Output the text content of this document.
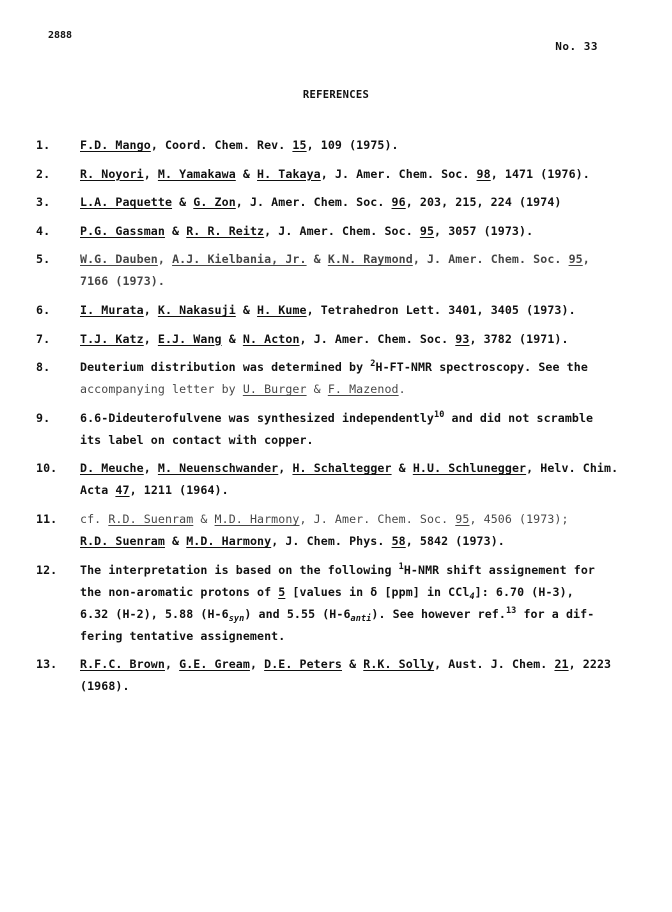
2888
No. 33
REFERENCES
1.	F.D. Mango, Coord. Chem. Rev. 15, 109 (1975).
2.	R. Noyori, M. Yamakawa & H. Takaya, J. Amer. Chem. Soc. 98, 1471 (1976).
3.	L.A. Paquette & G. Zon, J. Amer. Chem. Soc. 96, 203, 215, 224 (1974)
4.	P.G. Gassman & R. R. Reitz, J. Amer. Chem. Soc. 95, 3057 (1973).
5.	W.G. Dauben, A.J. Kielbania, Jr. & K.N. Raymond, J. Amer. Chem. Soc. 95,
7166 (1973).
6.	I. Murata, K. Nakasuji & H. Kume, Tetrahedron Lett. 3401, 3405 (1973).
7.	T.J. Katz, E.J. Wang & N. Acton, J. Amer. Chem. Soc. 93, 3782 (1971).
8.	Deuterium distribution was determined by $^2$H-FT-NMR spectroscopy. See the
accompanying letter by U. Burger & F. Mazenod.
9.	6.6-Dideuterofulvene was synthesized independently$^{10}$ and did not scramble
its label on contact with copper.
10.	D. Meuche, M. Neuenschwander, H. Schaltegger & H.U. Schlunegger, Helv. Chim.
Acta 47, 1211 (1964).
11.	cf. R.D. Suenram & M.D. Harmony, J. Amer. Chem. Soc. 95, 4506 (1973);
R.D. Suenram & M.D. Harmony, J. Chem. Phys. 58, 5842 (1973).
12.	The interpretation is based on the following $^1$H-NMR shift assignement for
the non-aromatic protons of 5 [values in δ [ppm] in CCl$_4$]: 6.70 (H-3),
6.32 (H-2), 5.88 $(H-6_{syn})$ and 5.55 $(H-6_{anti})$. See however ref.$^{13}$ for a dif-
fering tentative assignement.
13.	R.F.C. Brown, G.E. Gream, D.E. Peters & R.K. Solly, Aust. J. Chem. 21, 2223
(1968).
